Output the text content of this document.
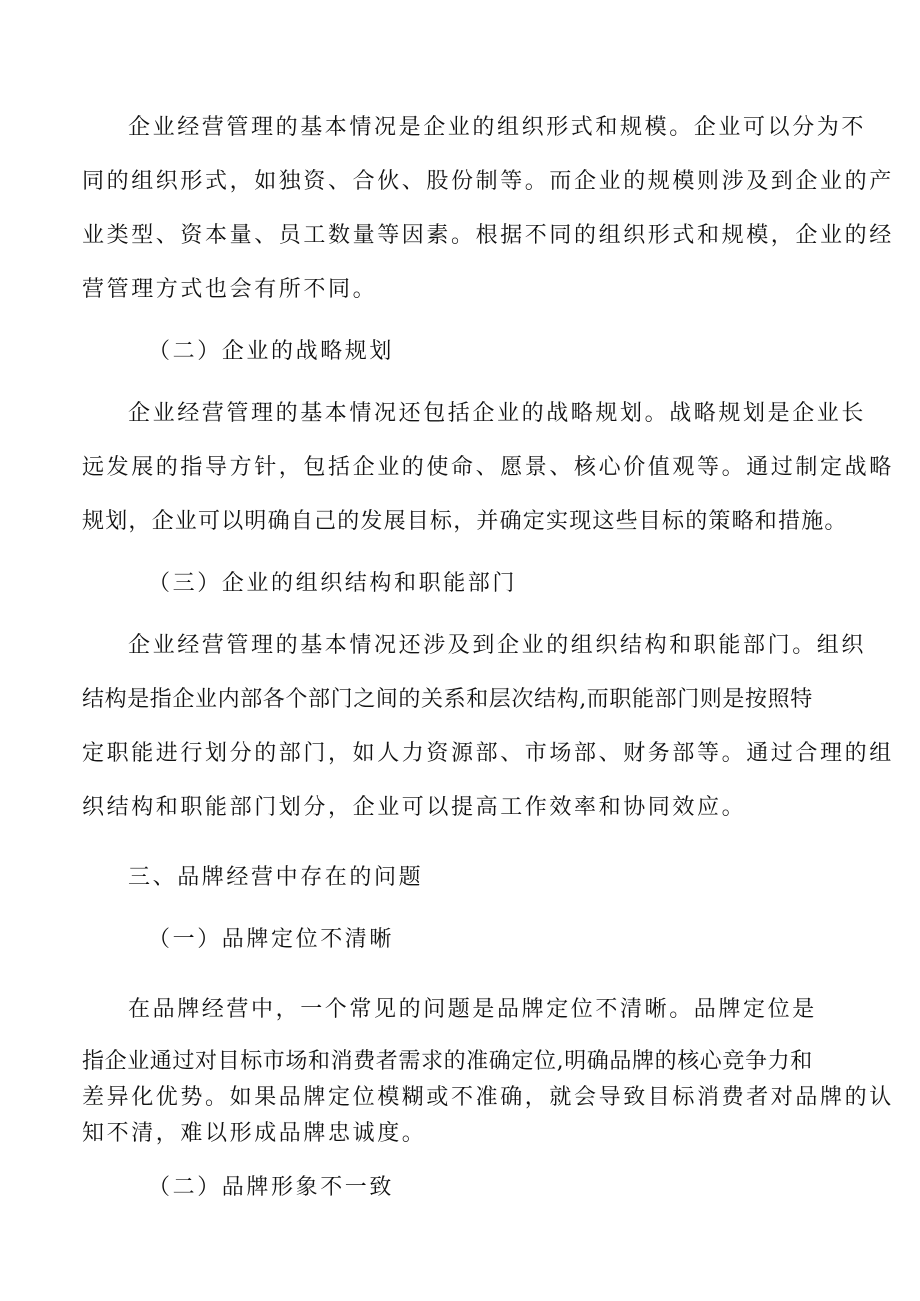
企业经营管理的基本情况是企业的组织形式和规模。企业可以分为不
同的组织形式，如独资、合伙、股份制等。而企业的规模则涉及到企业的产
业类型、资本量、员工数量等因素。根据不同的组织形式和规模，企业的经
营管理方式也会有所不同。
（二）企业的战略规划
企业经营管理的基本情况还包括企业的战略规划。战略规划是企业长
远发展的指导方针，包括企业的使命、愿景、核心价值观等。通过制定战略
规划，企业可以明确自己的发展目标，并确定实现这些目标的策略和措施。
（三）企业的组织结构和职能部门
企业经营管理的基本情况还涉及到企业的组织结构和职能部门。组织
结构是指企业内部各个部门之间的关系和层次结构,而职能部门则是按照特
定职能进行划分的部门，如人力资源部、市场部、财务部等。通过合理的组
织结构和职能部门划分，企业可以提高工作效率和协同效应。
三、品牌经营中存在的问题
（一）品牌定位不清晰
在品牌经营中，一个常见的问题是品牌定位不清晰。品牌定位是
指企业通过对目标市场和消费者需求的准确定位,明确品牌的核心竞争力和
差异化优势。如果品牌定位模糊或不准确，就会导致目标消费者对品牌的认
知不清，难以形成品牌忠诚度。
（二）品牌形象不一致
